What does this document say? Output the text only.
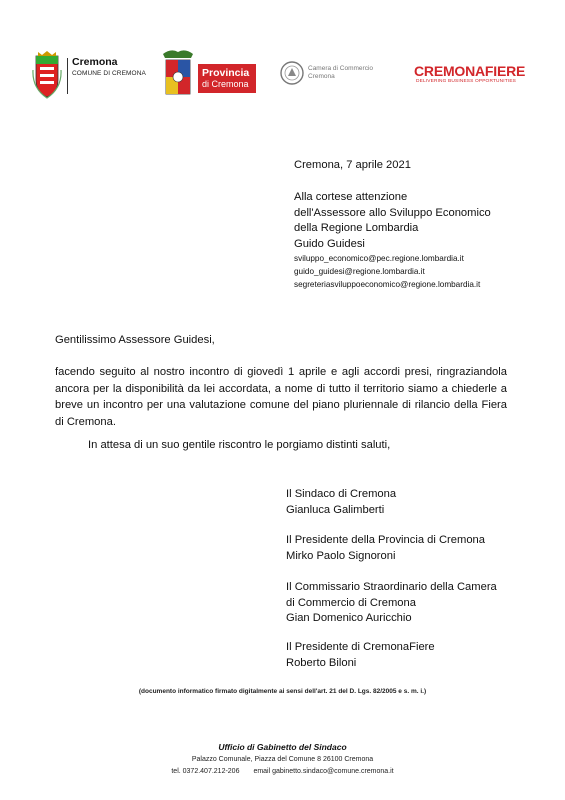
Cremona
COMUNE DI CREMONA	Provincia
di Cremona
Camera di Commercio
Cremona	CREMONAFIERE
DELIVERING BUSINESS OPPORTUNITIES
Cremona, 7 aprile 2021
Alla cortese attenzione
dell'Assessore allo Sviluppo Economico
della Regione Lombardia
Guido Guidesi
sviluppo_economico@pec.regione.lombardia.it
guido_guidesi@regione.lombardia.it
segreteriasviluppoeconomico@regione.lombardia.it
Gentilissimo Assessore Guidesi,
facendo seguito al nostro incontro di giovedì 1 aprile e agli accordi presi, ringraziandola ancora per la disponibilità da lei accordata, a nome di tutto il territorio siamo a chiederle a breve un incontro per una valutazione comune del piano pluriennale di rilancio della Fiera di Cremona.
In attesa di un suo gentile riscontro le porgiamo distinti saluti,
Il Sindaco di Cremona
Gianluca Galimberti
Il Presidente della Provincia di Cremona
Mirko Paolo Signoroni
Il Commissario Straordinario della Camera
di Commercio di Cremona
Gian Domenico Auricchio
Il Presidente di CremonaFiere
Roberto Biloni
(documento informatico firmato digitalmente ai sensi dell'art. 21 del D. Lgs. 82/2005 e s. m. i.)
Ufficio di Gabinetto del Sindaco
Palazzo Comunale, Piazza del Comune 8 26100 Cremona
tel. 0372.407.212-206 email gabinetto.sindaco@comune.cremona.it
